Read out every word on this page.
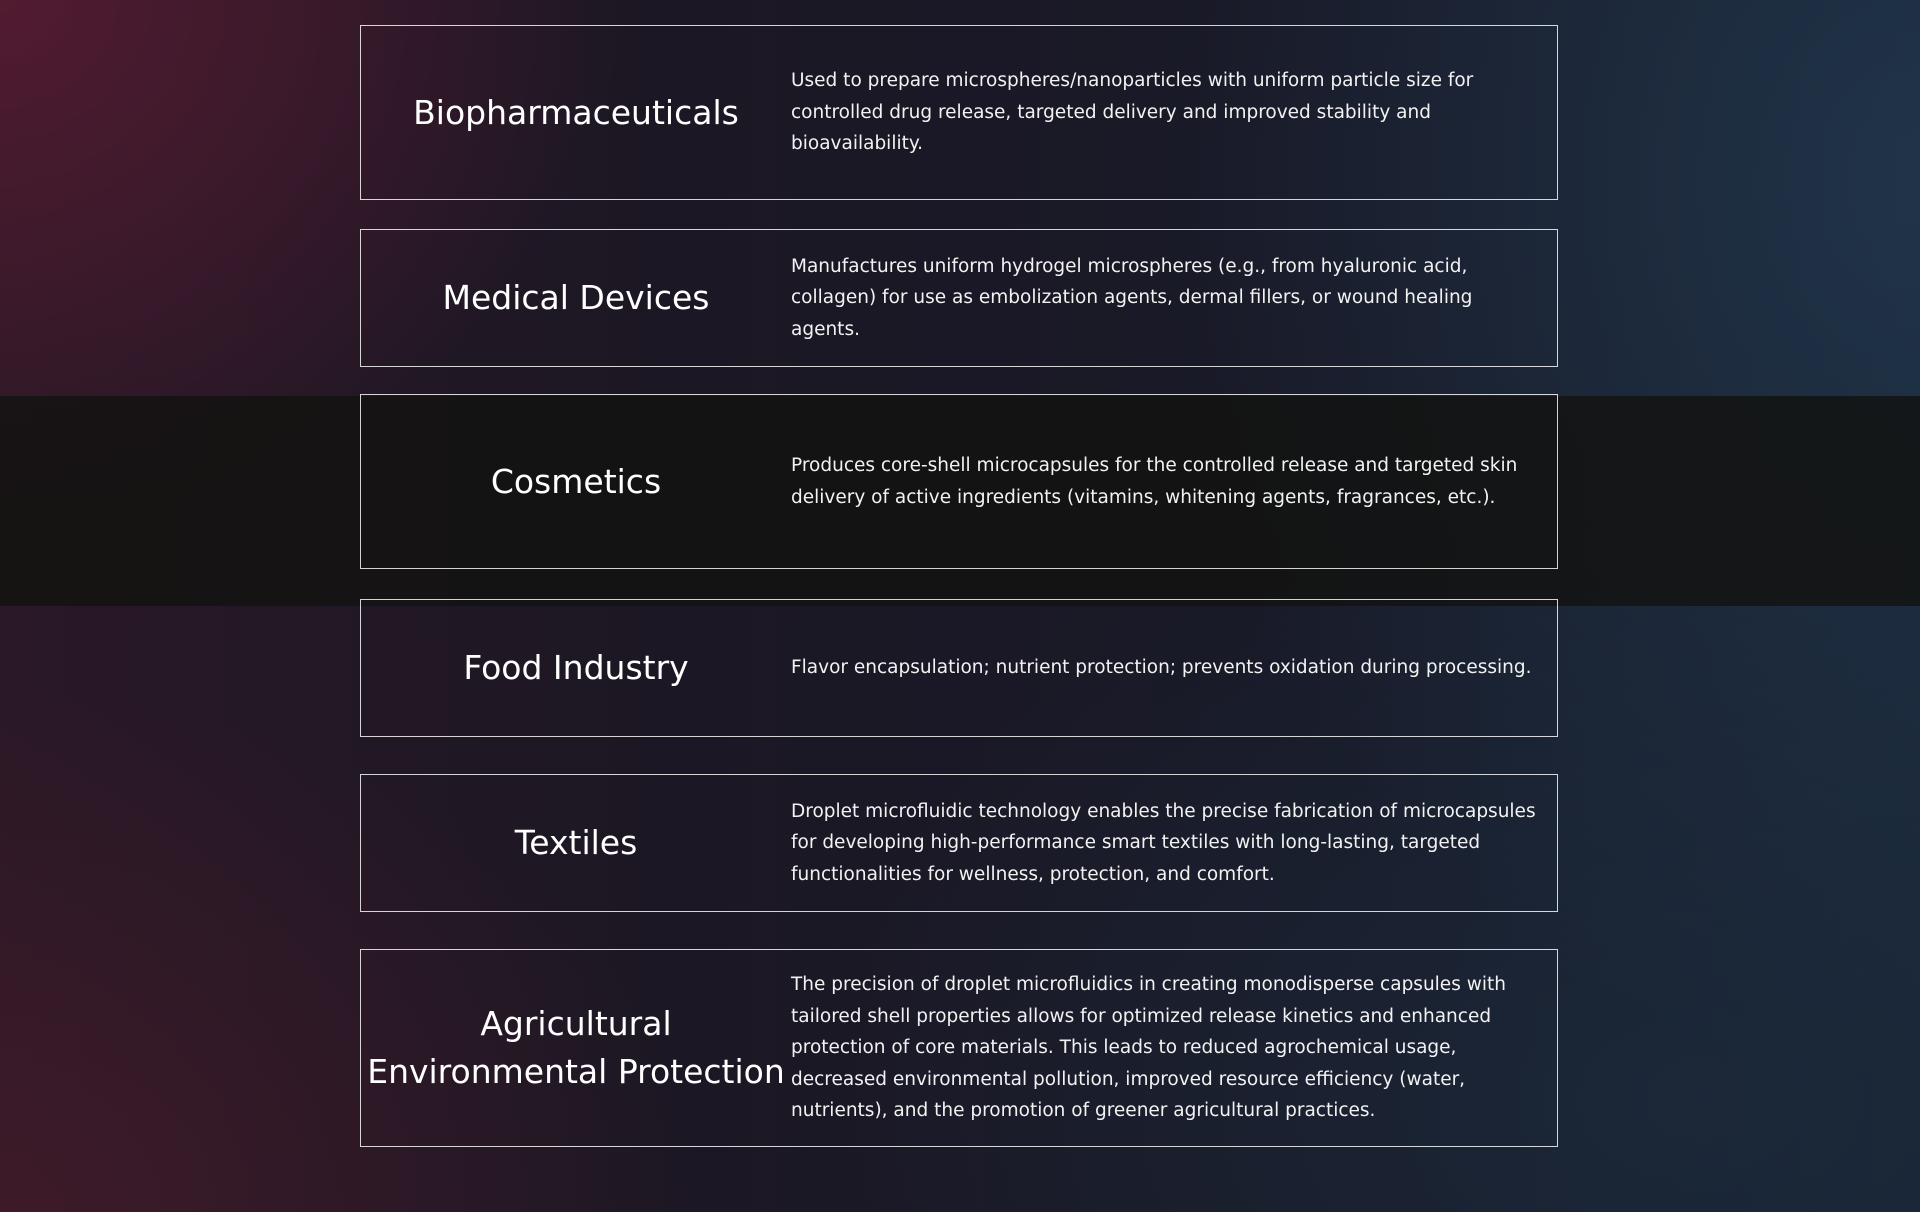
Biopharmaceuticals
Used to prepare microspheres/nanoparticles with uniform particle size for controlled drug release, targeted delivery and improved stability and bioavailability.
Medical Devices
Manufactures uniform hydrogel microspheres (e.g., from hyaluronic acid, collagen) for use as embolization agents, dermal fillers, or wound healing agents.
Cosmetics	Produces core-shell microcapsules for the controlled release and targeted skin delivery of active ingredients (vitamins, whitening agents, fragrances, etc.).
Food Industry	Flavor encapsulation; nutrient protection; prevents oxidation during processing.
Textiles
Droplet microfluidic technology enables the precise fabrication of microcapsules for developing high-performance smart textiles with long-lasting, targeted functionalities for wellness, protection, and comfort.
Agricultural Environmental Protection
The precision of droplet microfluidics in creating monodisperse capsules with tailored shell properties allows for optimized release kinetics and enhanced protection of core materials. This leads to reduced agrochemical usage, decreased environmental pollution, improved resource efficiency (water, nutrients), and the promotion of greener agricultural practices.
